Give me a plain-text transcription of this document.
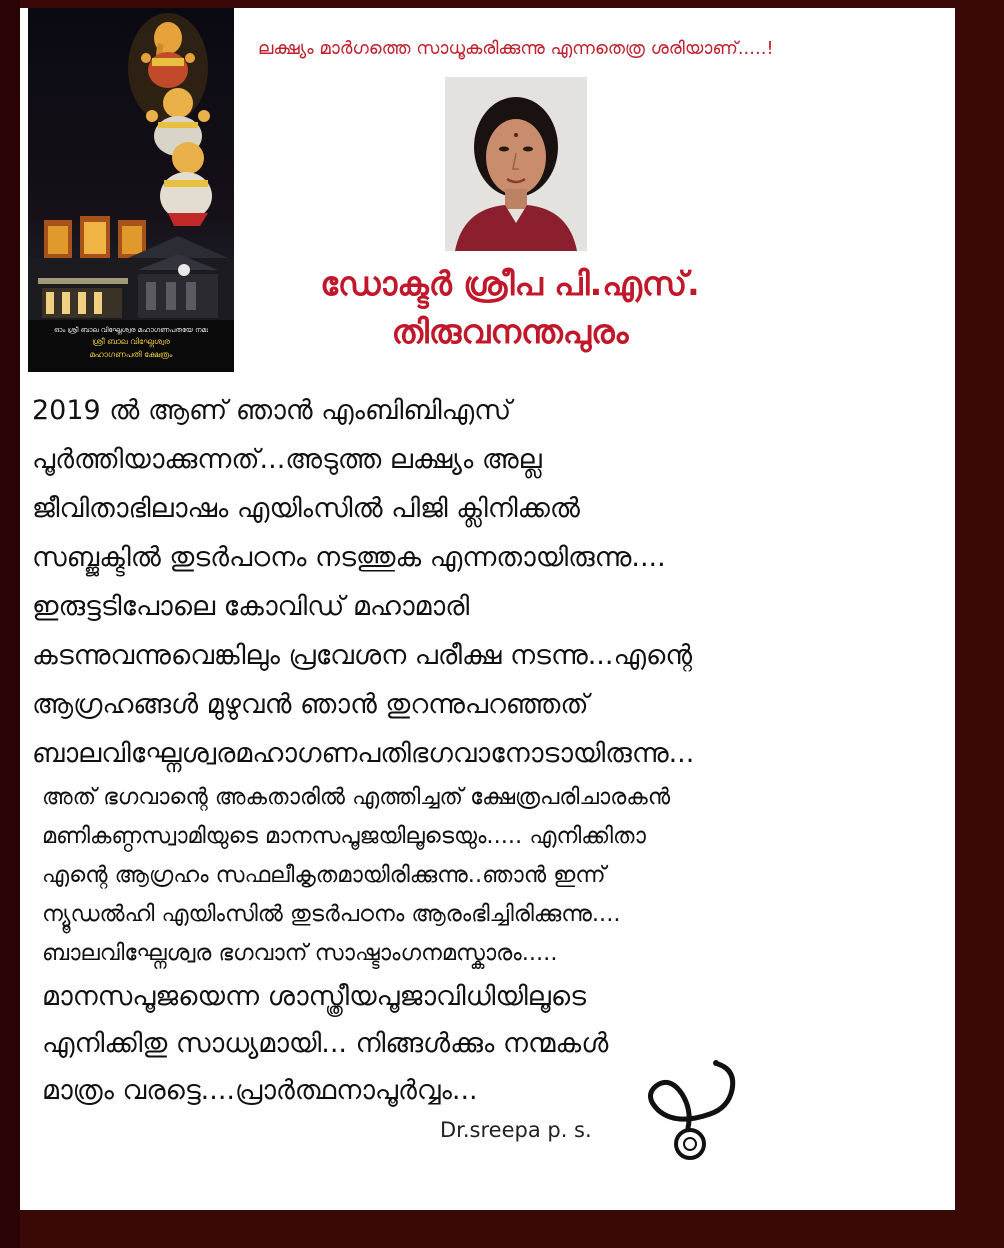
ഓം ശ്രീ ബാല വിഘ്നേശ്വര മഹാഗണപതയേ നമഃ
ശ്രീ ബാല വിഘ്നേശ്വര
മഹാഗണപതി ക്ഷേത്രം
ലക്ഷ്യം മാർഗത്തെ സാധൂകരിക്കുന്നു എന്നതെത്ര ശരിയാണ്.....!
ഡോക്ടർ ശ്രീപ പി.എസ്.
തിരുവനന്തപുരം
2019 ൽ ആണ് ഞാൻ എംബിബിഎസ്
പൂർത്തിയാക്കുന്നത്...അടുത്ത ലക്ഷ്യം അല്ല
ജീവിതാഭിലാഷം എയിംസിൽ പിജി ക്ലിനിക്കൽ
സബ്ജക്ടിൽ തുടർപഠനം നടത്തുക എന്നതായിരുന്നു....
ഇരുട്ടടിപോലെ കോവിഡ് മഹാമാരി
കടന്നുവന്നുവെങ്കിലും പ്രവേശന പരീക്ഷ നടന്നു...എന്റെ
ആഗ്രഹങ്ങൾ മുഴുവൻ ഞാൻ തുറന്നുപറഞ്ഞത്
ബാലവിഘ്നേശ്വരമഹാഗണപതിഭഗവാനോടായിരുന്നു...
അത് ഭഗവാന്റെ അകതാരിൽ എത്തിച്ചത് ക്ഷേത്രപരിചാരകൻ
മണികണ്ഠസ്വാമിയുടെ മാനസപൂജയിലൂടെയും..... എനിക്കിതാ
എന്റെ ആഗ്രഹം സഫലീകൃതമായിരിക്കുന്നു..ഞാൻ ഇന്ന്
ന്യൂഡൽഹി എയിംസിൽ തുടർപഠനം ആരംഭിച്ചിരിക്കുന്നു....
ബാലവിഘ്നേശ്വര ഭഗവാന് സാഷ്ടാംഗനമസ്കാരം.....
മാനസപൂജയെന്ന ശാസ്ത്രീയപൂജാവിധിയിലൂടെ
എനിക്കിതു സാധ്യമായി... നിങ്ങൾക്കും നന്മകൾ
മാത്രം വരട്ടെ....പ്രാർത്ഥനാപൂർവ്വം...
Dr.sreepa p. s.
